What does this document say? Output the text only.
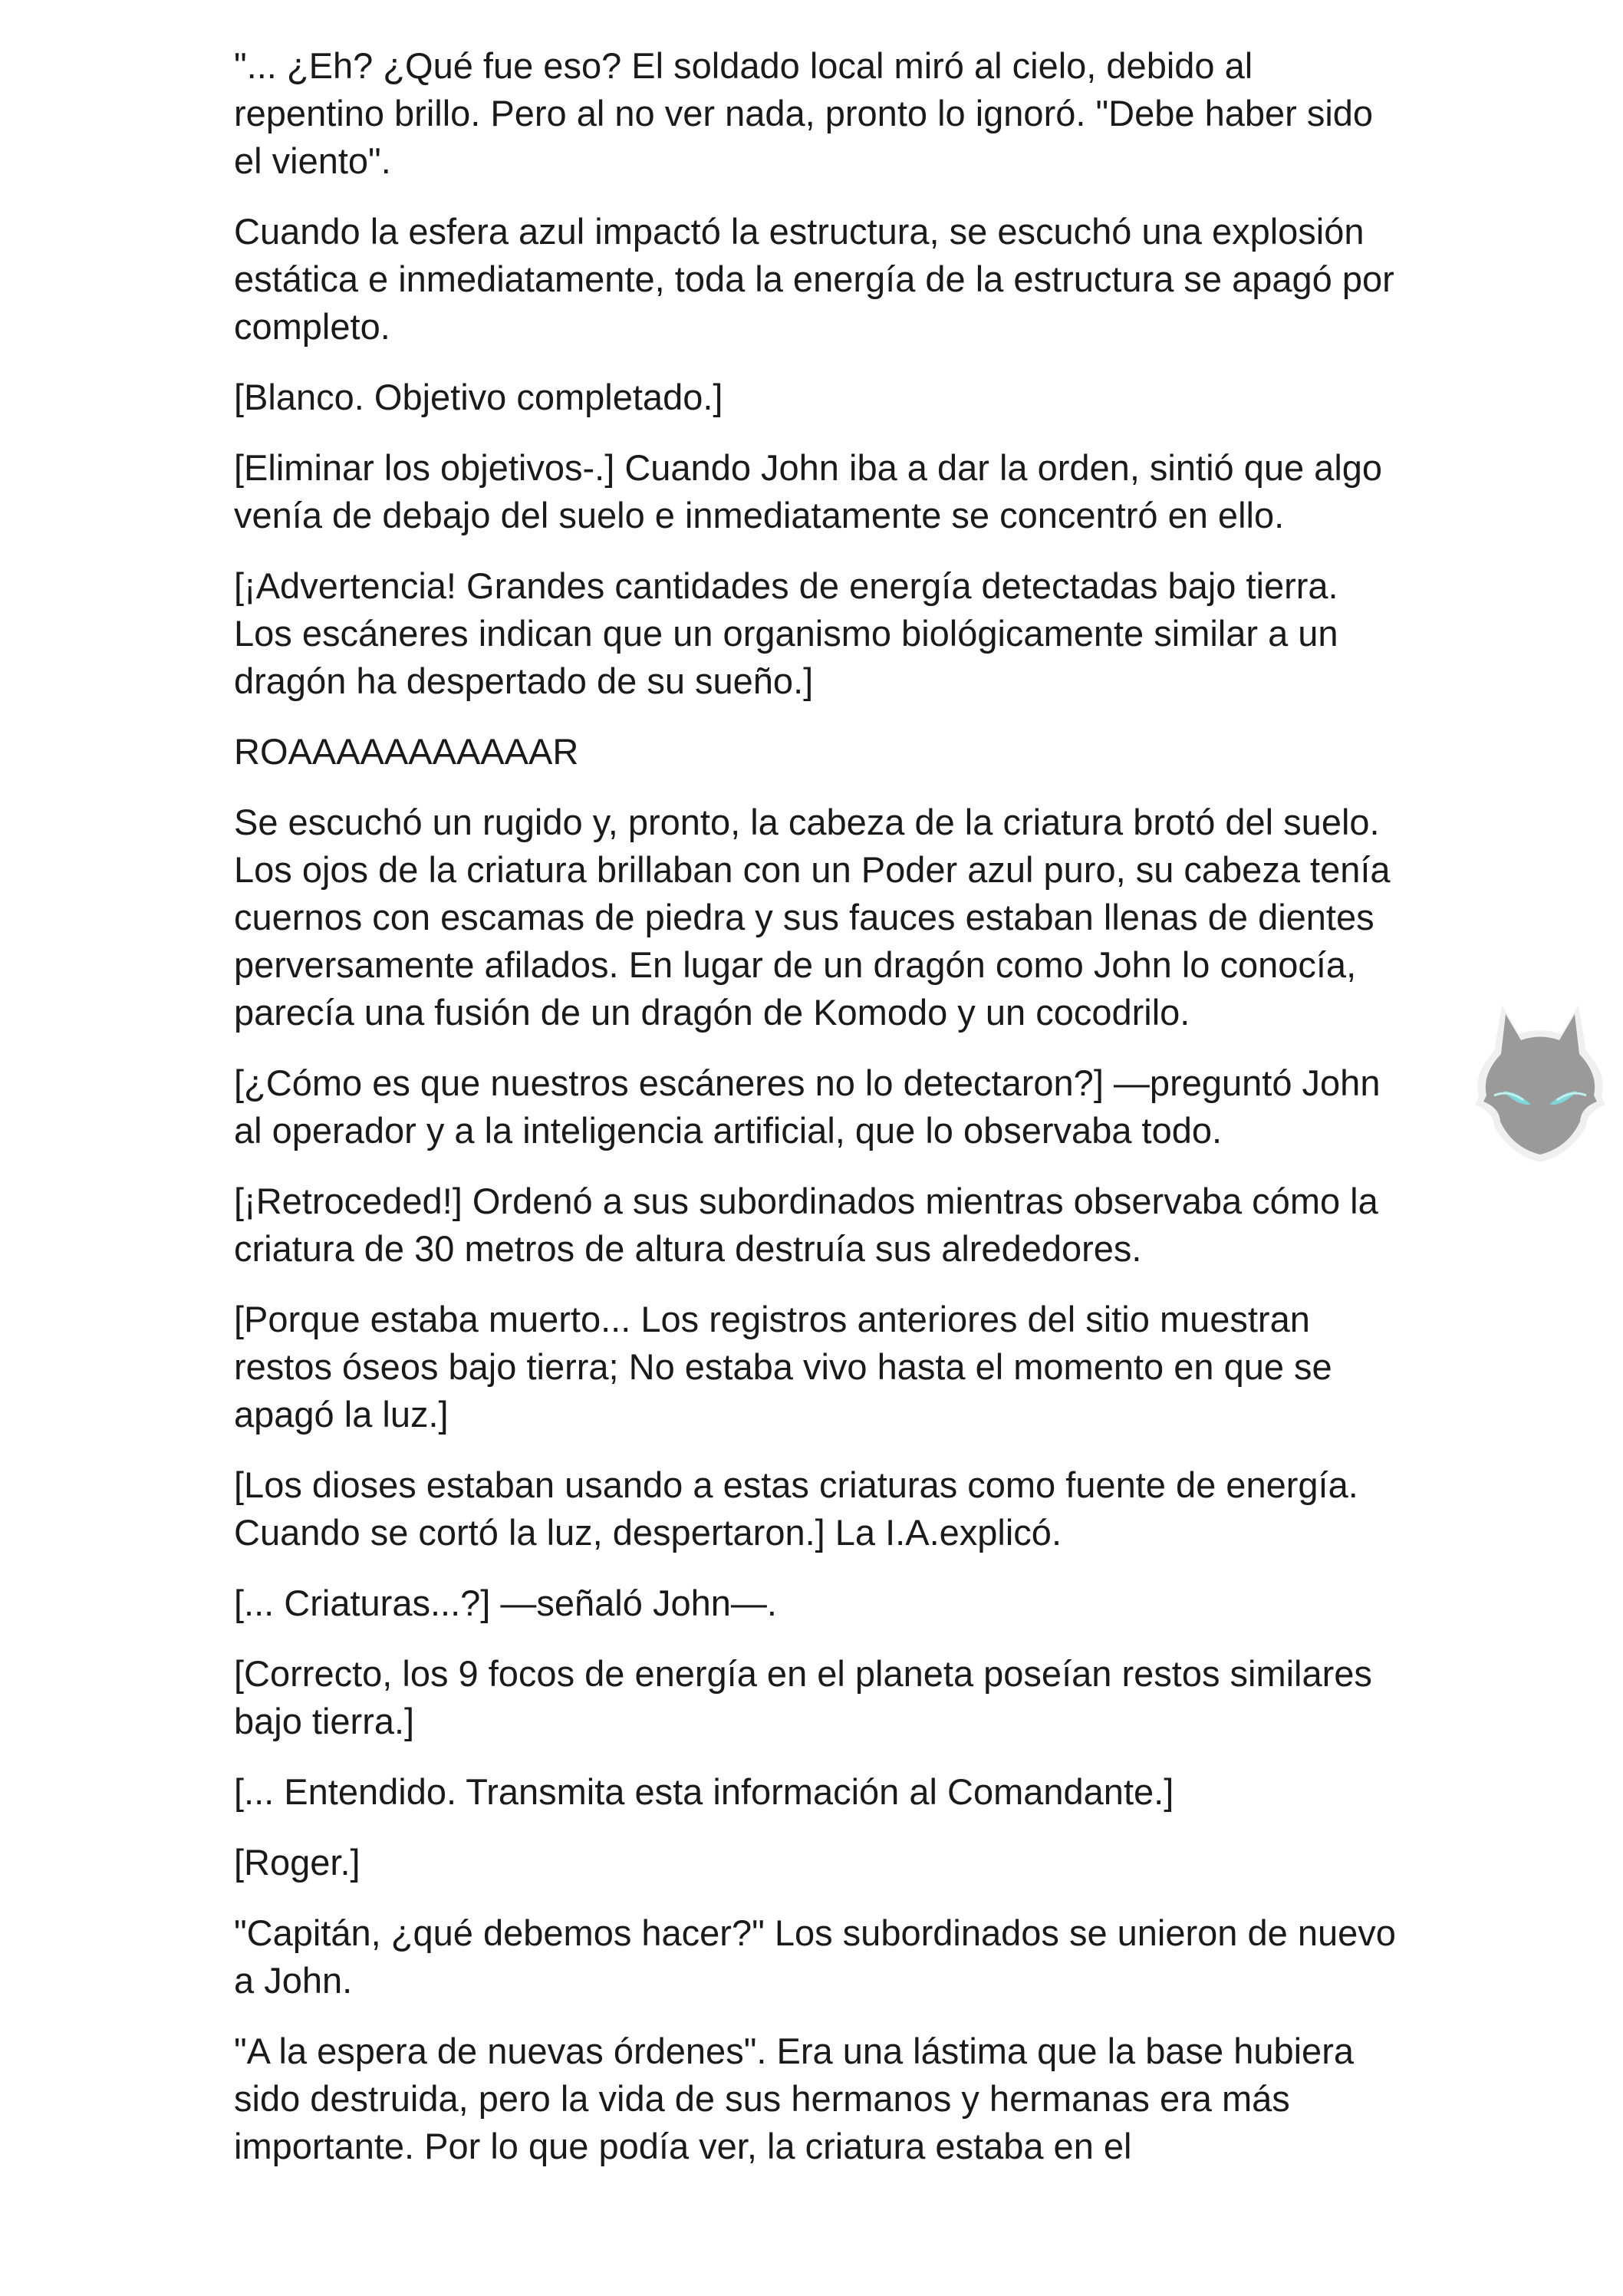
"... ¿Eh? ¿Qué fue eso? El soldado local miró al cielo, debido al repentino brillo. Pero al no ver nada, pronto lo ignoró. "Debe haber sido el viento".

Cuando la esfera azul impactó la estructura, se escuchó una explosión estática e inmediatamente, toda la energía de la estructura se apagó por completo.

[Blanco. Objetivo completado.]

[Eliminar los objetivos-.] Cuando John iba a dar la orden, sintió que algo venía de debajo del suelo e inmediatamente se concentró en ello.

[¡Advertencia! Grandes cantidades de energía detectadas bajo tierra. Los escáneres indican que un organismo biológicamente similar a un dragón ha despertado de su sueño.]

ROAAAAAAAAAAAR

Se escuchó un rugido y, pronto, la cabeza de la criatura brotó del suelo. Los ojos de la criatura brillaban con un Poder azul puro, su cabeza tenía cuernos con escamas de piedra y sus fauces estaban llenas de dientes perversamente afilados. En lugar de un dragón como John lo conocía, parecía una fusión de un dragón de Komodo y un cocodrilo.

[¿Cómo es que nuestros escáneres no lo detectaron?] —preguntó John al operador y a la inteligencia artificial, que lo observaba todo.

[¡Retroceded!] Ordenó a sus subordinados mientras observaba cómo la criatura de 30 metros de altura destruía sus alrededores.

[Porque estaba muerto... Los registros anteriores del sitio muestran restos óseos bajo tierra; No estaba vivo hasta el momento en que se apagó la luz.]

[Los dioses estaban usando a estas criaturas como fuente de energía. Cuando se cortó la luz, despertaron.] La I.A.explicó.

[... Criaturas...?] —señaló John—.

[Correcto, los 9 focos de energía en el planeta poseían restos similares bajo tierra.]

[... Entendido. Transmita esta información al Comandante.]

[Roger.]

"Capitán, ¿qué debemos hacer?" Los subordinados se unieron de nuevo a John.

"A la espera de nuevas órdenes". Era una lástima que la base hubiera sido destruida, pero la vida de sus hermanos y hermanas era más importante. Por lo que podía ver, la criatura estaba en el
